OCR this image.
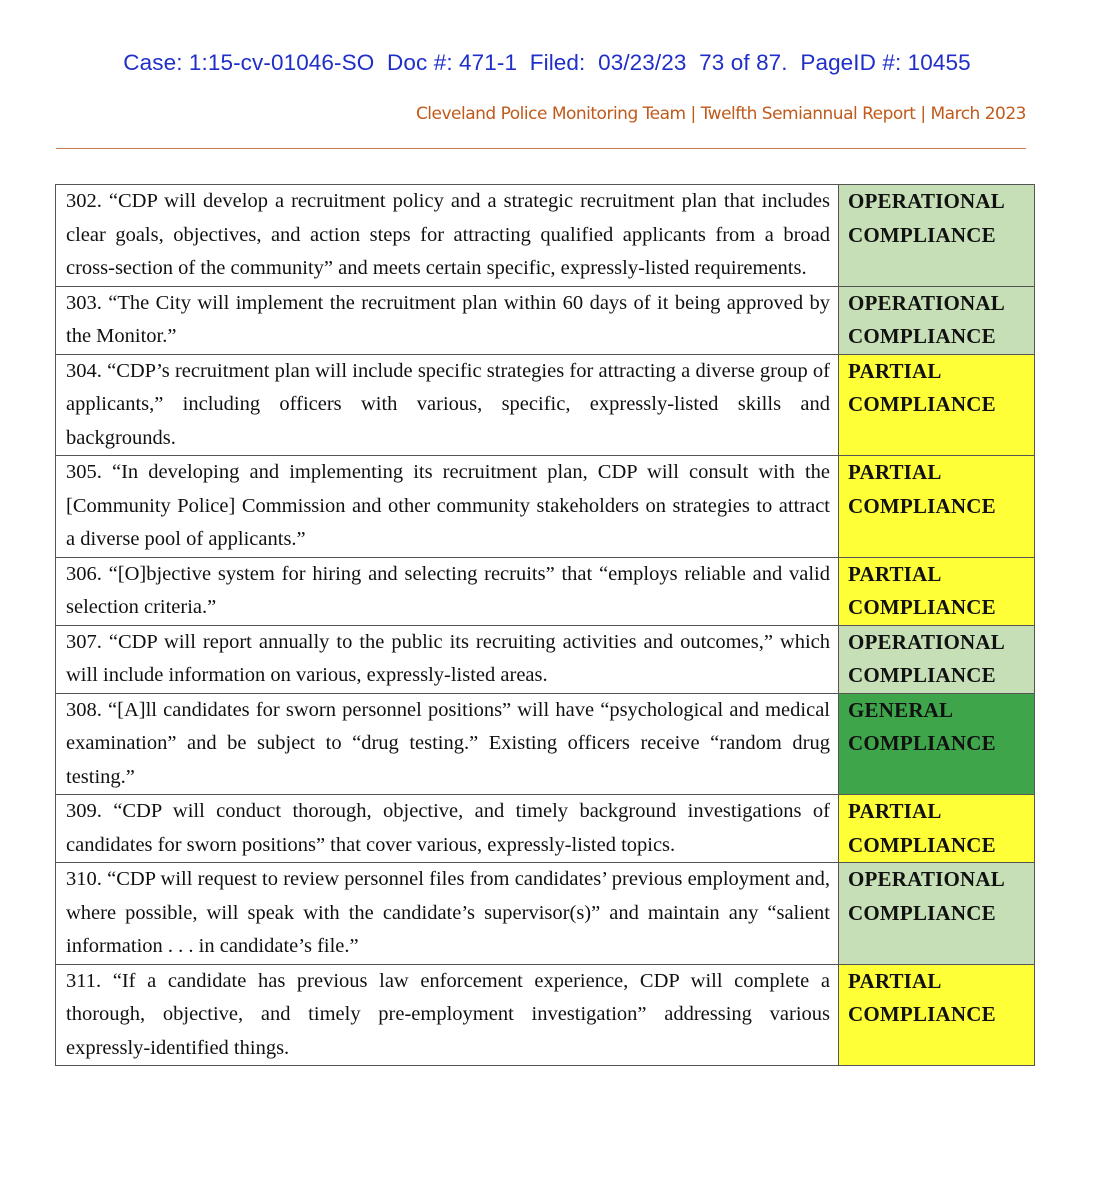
Case: 1:15-cv-01046-SO  Doc #: 471-1  Filed:  03/23/23  73 of 87.  PageID #: 10455
Cleveland Police Monitoring Team | Twelfth Semiannual Report | March 2023
302. “CDP will develop a recruitment policy and a strategic recruitment plan that includes clear goals, objectives, and action steps for attracting qualified applicants from a broad cross-section of the community” and meets certain specific, expressly-listed requirements.	OPERATIONAL
COMPLIANCE

303. “The City will implement the recruitment plan within 60 days of it being approved by the Monitor.”	OPERATIONAL
COMPLIANCE

304. “CDP’s recruitment plan will include specific strategies for attracting a diverse group of applicants,” including officers with various, specific, expressly-listed skills and backgrounds.	PARTIAL
COMPLIANCE

305. “In developing and implementing its recruitment plan, CDP will consult with the [Community Police] Commission and other community stakeholders on strategies to attract a diverse pool of applicants.”	PARTIAL
COMPLIANCE

306. “[O]bjective system for hiring and selecting recruits” that “employs reliable and valid selection criteria.”	PARTIAL
COMPLIANCE

307. “CDP will report annually to the public its recruiting activities and outcomes,” which will include information on various, expressly-listed areas.	OPERATIONAL
COMPLIANCE

308. “[A]ll candidates for sworn personnel positions” will have “psychological and medical examination” and be subject to “drug testing.” Existing officers receive “random drug testing.”	GENERAL
COMPLIANCE

309. “CDP will conduct thorough, objective, and timely background investigations of candidates for sworn positions” that cover various, expressly-listed topics.	PARTIAL
COMPLIANCE

310. “CDP will request to review personnel files from candidates’ previous employment and, where possible, will speak with the candidate’s supervisor(s)” and maintain any “salient information . . . in candidate’s file.”	OPERATIONAL
COMPLIANCE

311. “If a candidate has previous law enforcement experience, CDP will complete a thorough, objective, and timely pre-employment investigation” addressing various expressly-identified things.	PARTIAL
COMPLIANCE
